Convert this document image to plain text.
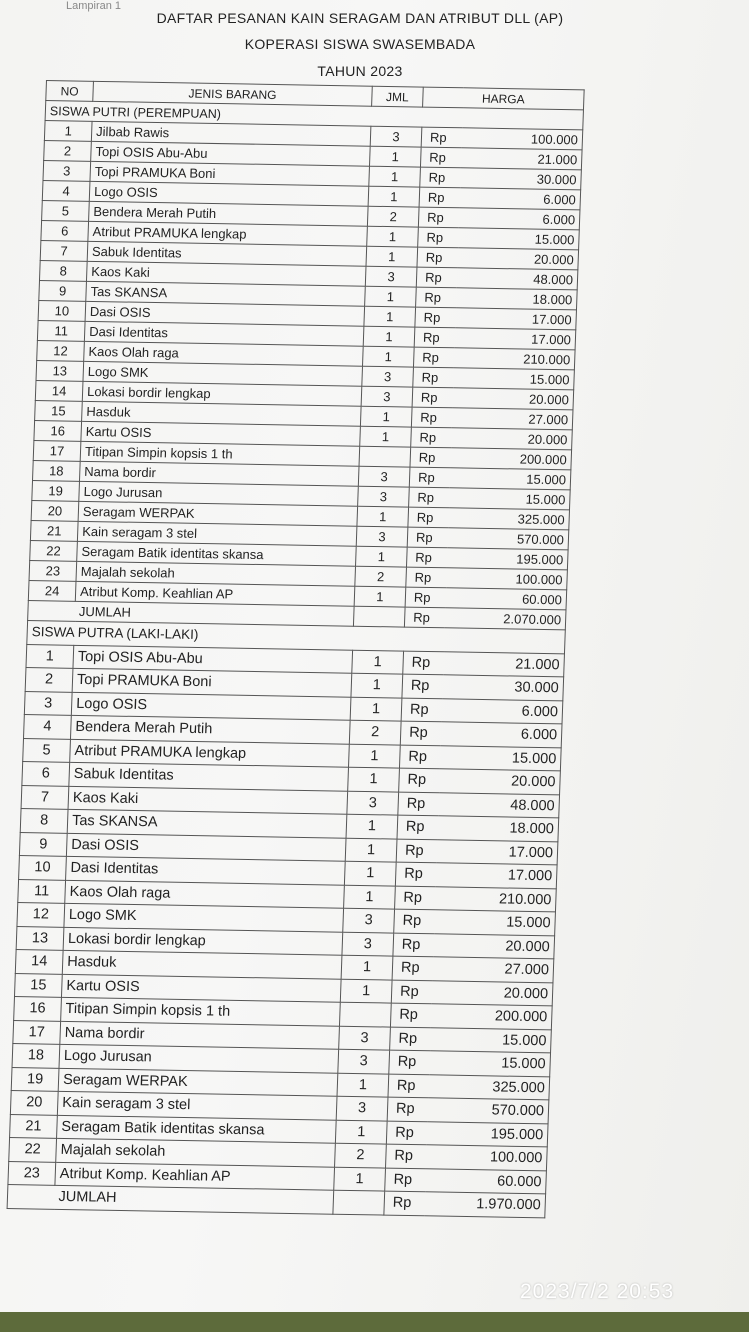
Lampiran 1
DAFTAR PESANAN KAIN SERAGAM DAN ATRIBUT DLL (AP)
KOPERASI SISWA SWASEMBADA
TAHUN 2023
NO	JENIS BARANG	JML	HARGA	
SISWA PUTRI (PEREMPUAN)				
1	Jilbab Rawis	3	Rp	100.000
2	Topi OSIS Abu-Abu	1	Rp	21.000
3	Topi PRAMUKA Boni	1	Rp	30.000
4	Logo OSIS	1	Rp	6.000
5	Bendera Merah Putih	2	Rp	6.000
6	Atribut PRAMUKA lengkap	1	Rp	15.000
7	Sabuk Identitas	1	Rp	20.000
8	Kaos Kaki	3	Rp	48.000
9	Tas SKANSA	1	Rp	18.000
10	Dasi OSIS	1	Rp	17.000
11	Dasi Identitas	1	Rp	17.000
12	Kaos Olah raga	1	Rp	210.000
13	Logo SMK	3	Rp	15.000
14	Lokasi bordir lengkap	3	Rp	20.000
15	Hasduk	1	Rp	27.000
16	Kartu OSIS	1	Rp	20.000
17	Titipan Simpin kopsis 1 th		Rp	200.000
18	Nama bordir	3	Rp	15.000
19	Logo Jurusan	3	Rp	15.000
20	Seragam WERPAK	1	Rp	325.000
21	Kain seragam 3 stel	3	Rp	570.000
22	Seragam Batik identitas skansa	1	Rp	195.000
23	Majalah sekolah	2	Rp	100.000
24	Atribut Komp. Keahlian AP	1	Rp	60.000
	JUMLAH		Rp	2.070.000
SISWA PUTRA (LAKI-LAKI)				
1	Topi OSIS Abu-Abu	1	Rp	21.000
2	Topi PRAMUKA Boni	1	Rp	30.000
3	Logo OSIS	1	Rp	6.000
4	Bendera Merah Putih	2	Rp	6.000
5	Atribut PRAMUKA lengkap	1	Rp	15.000
6	Sabuk Identitas	1	Rp	20.000
7	Kaos Kaki	3	Rp	48.000
8	Tas SKANSA	1	Rp	18.000
9	Dasi OSIS	1	Rp	17.000
10	Dasi Identitas	1	Rp	17.000
11	Kaos Olah raga	1	Rp	210.000
12	Logo SMK	3	Rp	15.000
13	Lokasi bordir lengkap	3	Rp	20.000
14	Hasduk	1	Rp	27.000
15	Kartu OSIS	1	Rp	20.000
16	Titipan Simpin kopsis 1 th		Rp	200.000
17	Nama bordir	3	Rp	15.000
18	Logo Jurusan	3	Rp	15.000
19	Seragam WERPAK	1	Rp	325.000
20	Kain seragam 3 stel	3	Rp	570.000
21	Seragam Batik identitas skansa	1	Rp	195.000
22	Majalah sekolah	2	Rp	100.000
23	Atribut Komp. Keahlian AP	1	Rp	60.000
	JUMLAH		Rp	1.970.000
2023/7/2 20:53
